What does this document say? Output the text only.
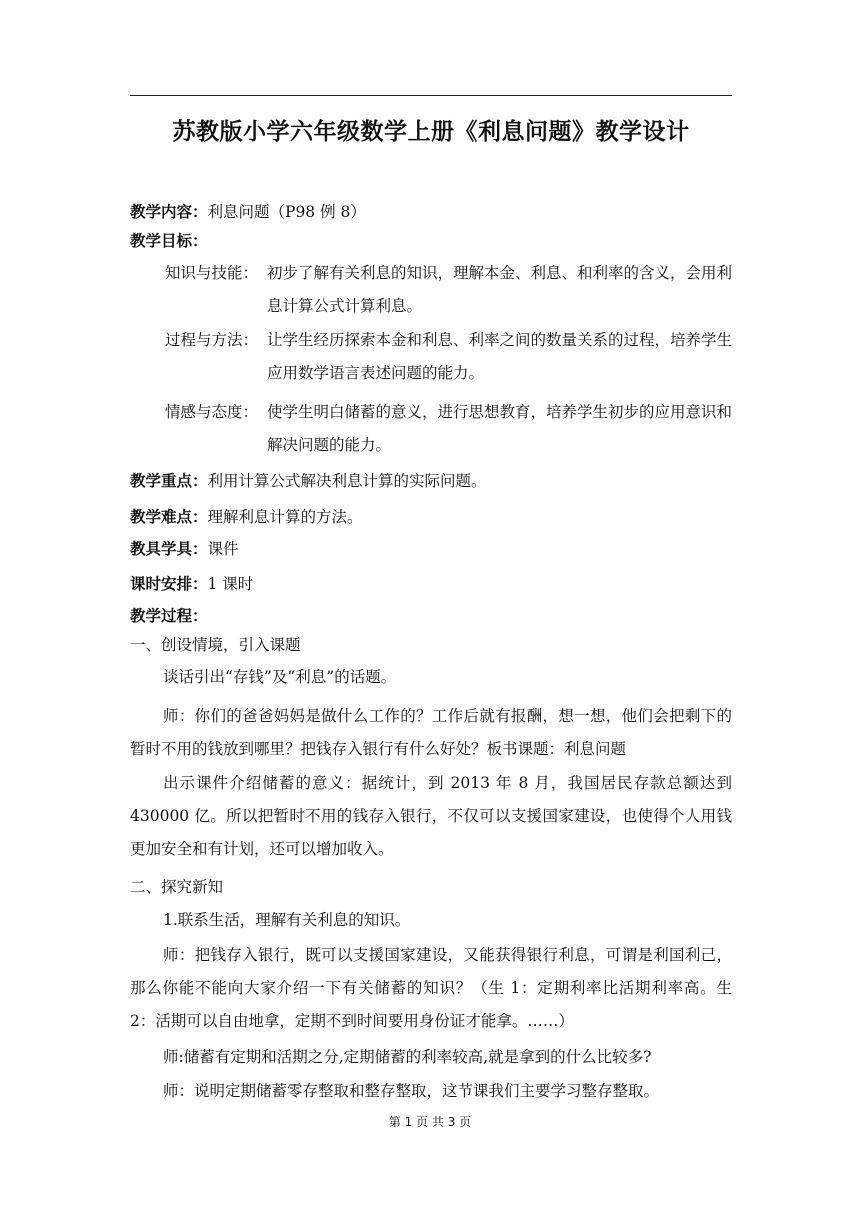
苏教版小学六年级数学上册《利息问题》教学设计
教学内容：利息问题（P98 例 8）
教学目标：
知识与技能： 初步了解有关利息的知识，理解本金、利息、和利率的含义，会用利息计算公式计算利息。
过程与方法： 让学生经历探索本金和利息、利率之间的数量关系的过程，培养学生应用数学语言表述问题的能力。
情感与态度： 使学生明白储蓄的意义，进行思想教育，培养学生初步的应用意识和解决问题的能力。
教学重点：利用计算公式解决利息计算的实际问题。
教学难点：理解利息计算的方法。
教具学具：课件
课时安排：1 课时
教学过程：
一、创设情境，引入课题
谈话引出“存钱”及“利息”的话题。
师：你们的爸爸妈妈是做什么工作的？工作后就有报酬，想一想，他们会把剩下的暂时不用的钱放到哪里？把钱存入银行有什么好处？板书课题：利息问题
出示课件介绍储蓄的意义：据统计，到 2013 年 8 月，我国居民存款总额达到 430000 亿。所以把暂时不用的钱存入银行，不仅可以支援国家建设，也使得个人用钱更加安全和有计划，还可以增加收入。
二、探究新知
1.联系生活，理解有关利息的知识。
师：把钱存入银行，既可以支援国家建设，又能获得银行利息，可谓是利国利己，那么你能不能向大家介绍一下有关储蓄的知识？（生 1：定期利率比活期利率高。生 2：活期可以自由地拿，定期不到时间要用身份证才能拿。……）
师:储蓄有定期和活期之分,定期储蓄的利率较高,就是拿到的什么比较多?
师：说明定期储蓄零存整取和整存整取，这节课我们主要学习整存整取。
第 1 页 共 3 页
